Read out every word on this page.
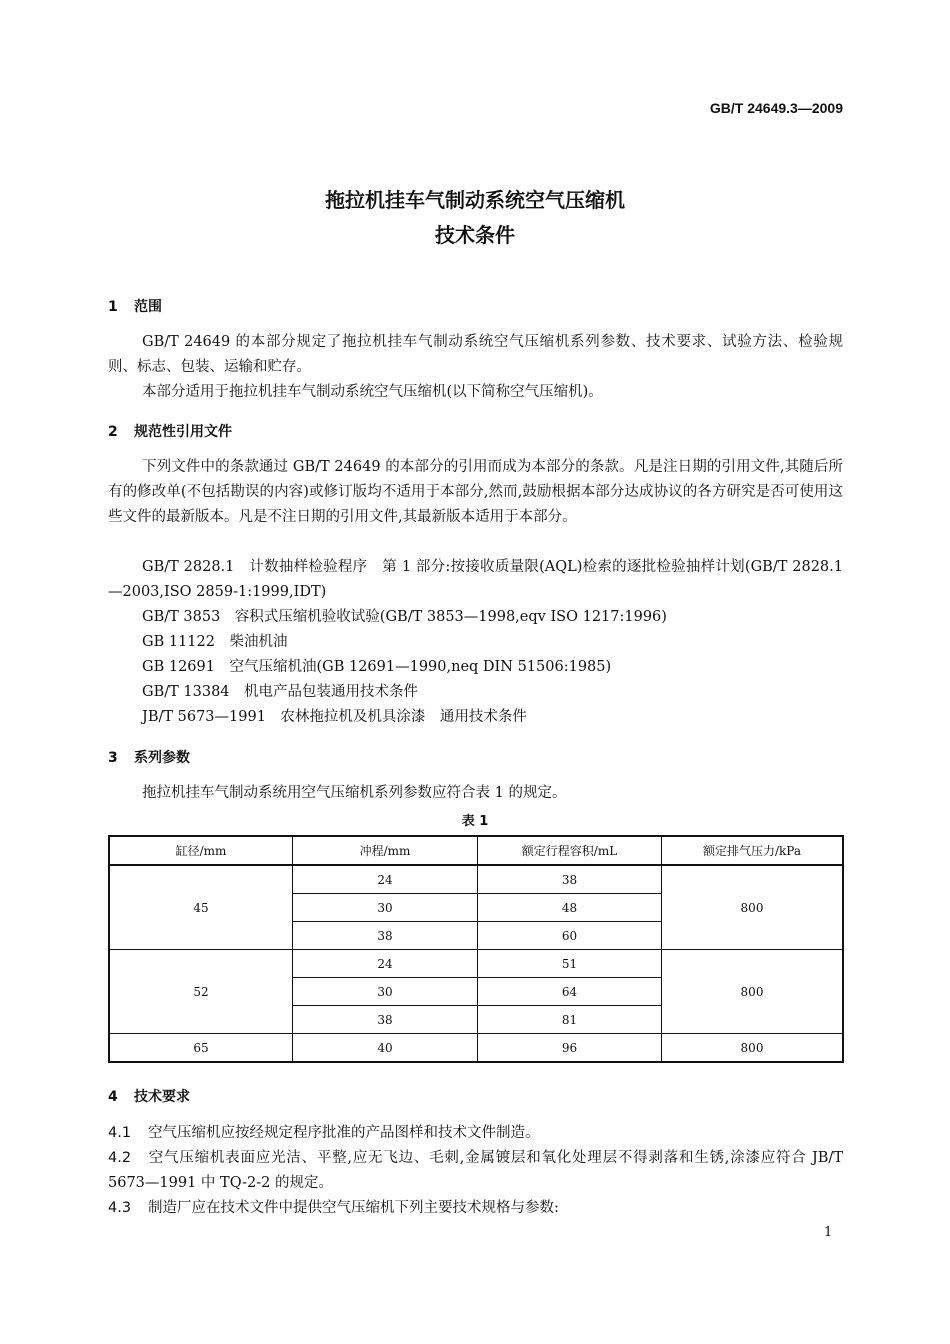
GB/T 24649.3—2009
拖拉机挂车气制动系统空气压缩机
技术条件
1 范围
GB/T 24649 的本部分规定了拖拉机挂车气制动系统空气压缩机系列参数、技术要求、试验方法、检验规则、标志、包装、运输和贮存。
本部分适用于拖拉机挂车气制动系统空气压缩机(以下简称空气压缩机)。
2 规范性引用文件
下列文件中的条款通过 GB/T 24649 的本部分的引用而成为本部分的条款。凡是注日期的引用文件,其随后所有的修改单(不包括勘误的内容)或修订版均不适用于本部分,然而,鼓励根据本部分达成协议的各方研究是否可使用这些文件的最新版本。凡是不注日期的引用文件,其最新版本适用于本部分。
GB/T 2828.1　计数抽样检验程序　第 1 部分:按接收质量限(AQL)检索的逐批检验抽样计划(GB/T 2828.1—2003,ISO 2859-1:1999,IDT)
GB/T 3853　容积式压缩机验收试验(GB/T 3853—1998,eqv ISO 1217:1996)
GB 11122　柴油机油
GB 12691　空气压缩机油(GB 12691—1990,neq DIN 51506:1985)
GB/T 13384　机电产品包装通用技术条件
JB/T 5673—1991　农林拖拉机及机具涂漆　通用技术条件
3 系列参数
拖拉机挂车气制动系统用空气压缩机系列参数应符合表 1 的规定。
表 1
缸径/mm	冲程/mm	额定行程容积/mL	额定排气压力/kPa
45	24	38	800
	30	48	
	38	60	
52	24	51	800
	30	64	
	38	81	
65	40	96	800
4 技术要求
4.1 空气压缩机应按经规定程序批准的产品图样和技术文件制造。
4.2 空气压缩机表面应光洁、平整,应无飞边、毛刺,金属镀层和氧化处理层不得剥落和生锈,涂漆应符合 JB/T 5673—1991 中 TQ-2-2 的规定。
4.3 制造厂应在技术文件中提供空气压缩机下列主要技术规格与参数:
1
